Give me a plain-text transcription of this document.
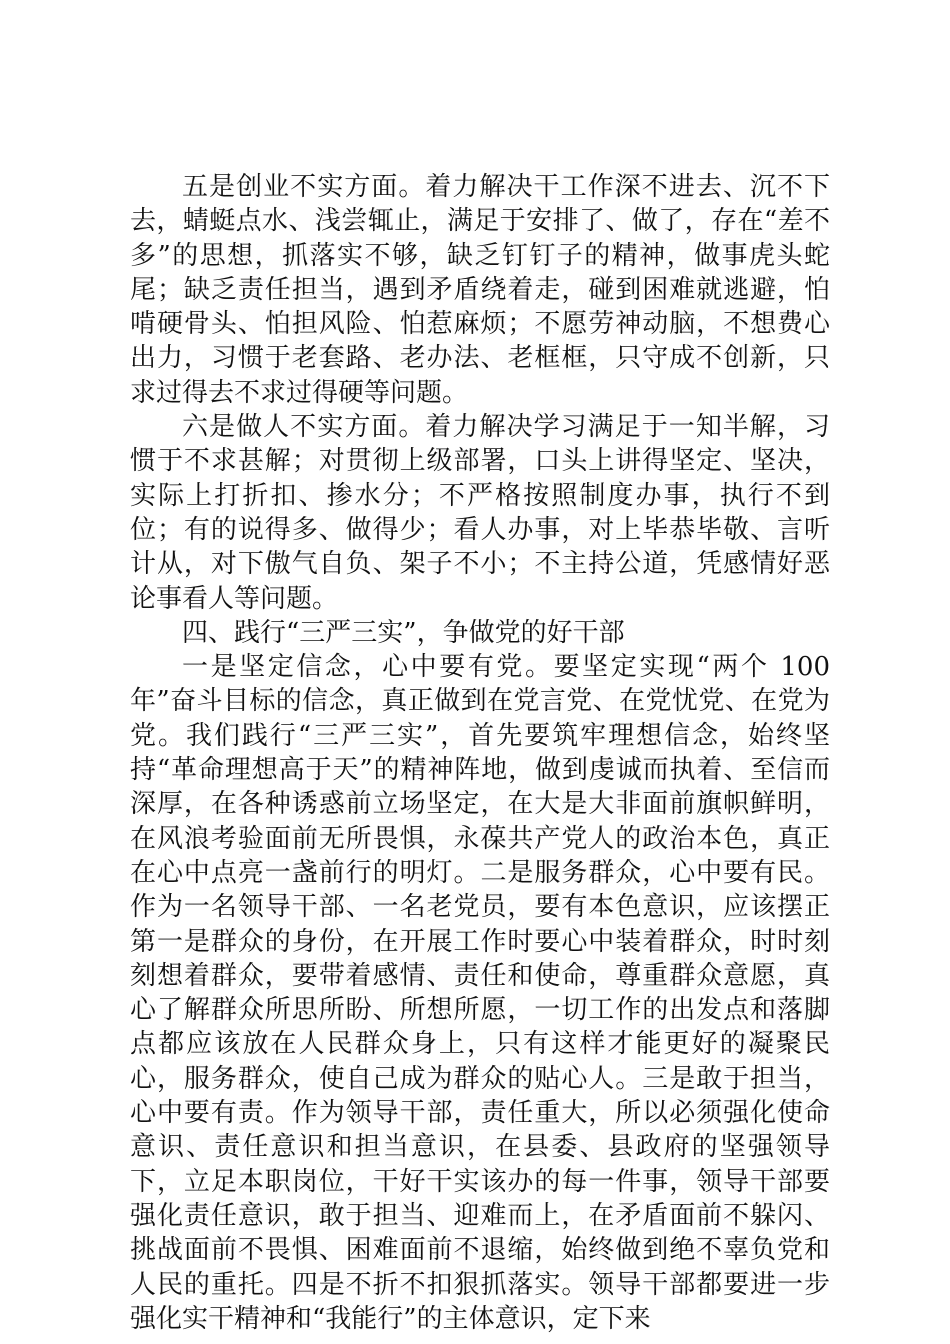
五是创业不实方面。着力解决干工作深不进去、沉不下去，蜻蜓点水、浅尝辄止，满足于安排了、做了，存在“差不多”的思想，抓落实不够，缺乏钉钉子的精神，做事虎头蛇尾；缺乏责任担当，遇到矛盾绕着走，碰到困难就逃避，怕啃硬骨头、怕担风险、怕惹麻烦；不愿劳神动脑，不想费心出力，习惯于老套路、老办法、老框框，只守成不创新，只求过得去不求过得硬等问题。

六是做人不实方面。着力解决学习满足于一知半解，习惯于不求甚解；对贯彻上级部署，口头上讲得坚定、坚决，实际上打折扣、掺水分；不严格按照制度办事，执行不到位；有的说得多、做得少；看人办事，对上毕恭毕敬、言听计从，对下傲气自负、架子不小；不主持公道，凭感情好恶论事看人等问题。

四、践行“三严三实”，争做党的好干部

一是坚定信念，心中要有党。要坚定实现“两个 100 年”奋斗目标的信念，真正做到在党言党、在党忧党、在党为党。我们践行“三严三实”，首先要筑牢理想信念，始终坚持“革命理想高于天”的精神阵地，做到虔诚而执着、至信而深厚，在各种诱惑前立场坚定，在大是大非面前旗帜鲜明，在风浪考验面前无所畏惧，永葆共产党人的政治本色，真正在心中点亮一盏前行的明灯。二是服务群众，心中要有民。作为一名领导干部、一名老党员，要有本色意识，应该摆正第一是群众的身份，在开展工作时要心中装着群众，时时刻刻想着群众，要带着感情、责任和使命，尊重群众意愿，真心了解群众所思所盼、所想所愿，一切工作的出发点和落脚点都应该放在人民群众身上，只有这样才能更好的凝聚民心，服务群众，使自己成为群众的贴心人。三是敢于担当，心中要有责。作为领导干部，责任重大，所以必须强化使命意识、责任意识和担当意识，在县委、县政府的坚强领导下，立足本职岗位，干好干实该办的每一件事，领导干部要强化责任意识，敢于担当、迎难而上，在矛盾面前不躲闪、挑战面前不畏惧、困难面前不退缩，始终做到绝不辜负党和人民的重托。四是不折不扣狠抓落实。领导干部都要进一步强化实干精神和“我能行”的主体意识，定下来
